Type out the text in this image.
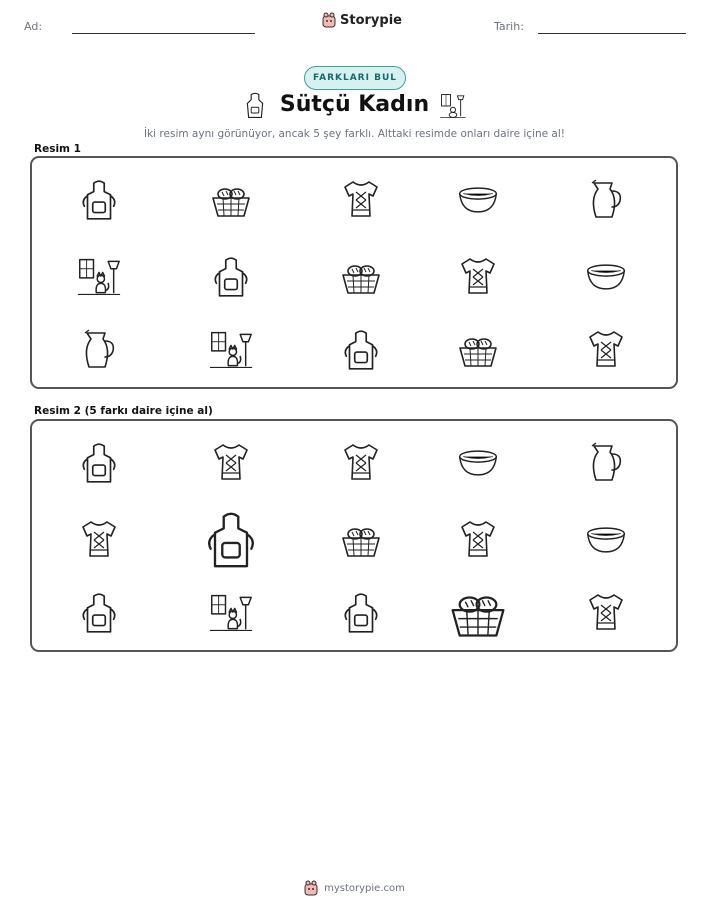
Ad:	Storypie	Tarih:
FARKLARI BUL
Sütçü Kadın
İki resim aynı görünüyor, ancak 5 şey farklı. Alttaki resimde onları daire içine al!
Resim 1
Resim 2 (5 farkı daire içine al)
mystorypie.com
